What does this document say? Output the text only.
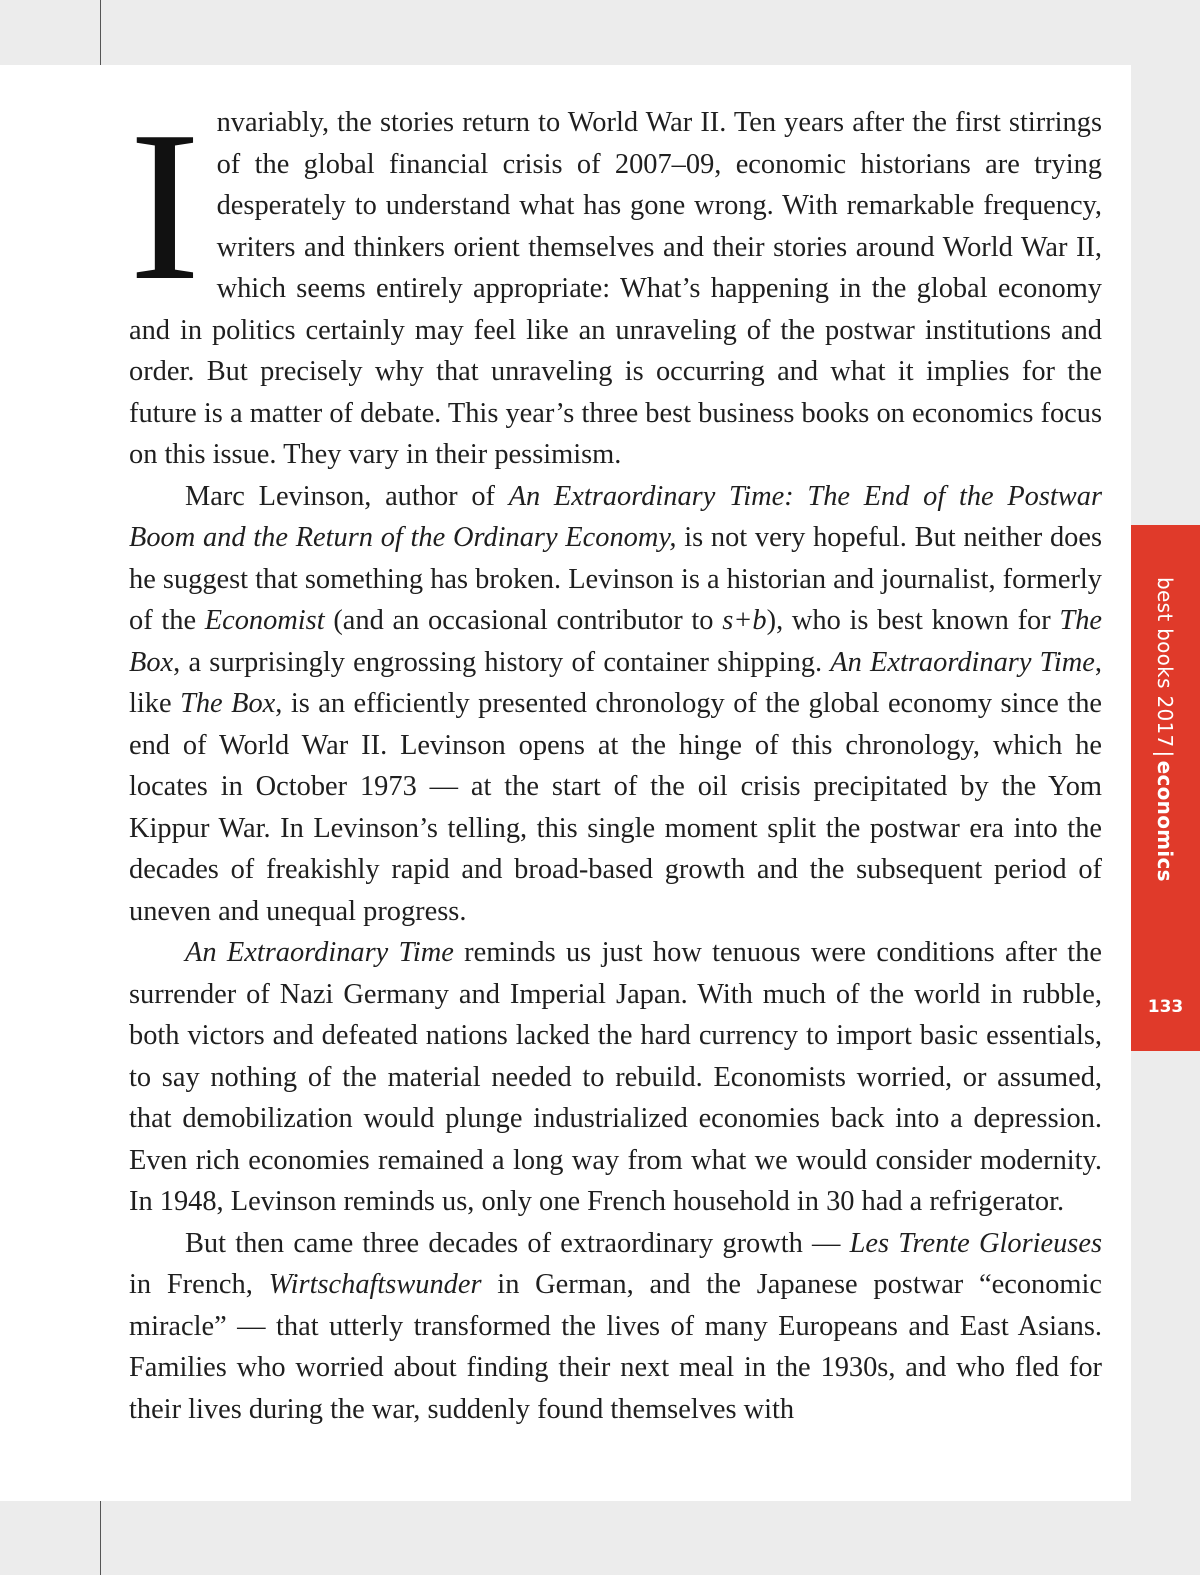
Invariably, the stories return to World War II. Ten years after the first stirrings of the global financial crisis of 2007–09, economic historians are trying desperately to understand what has gone wrong. With remarkable frequency, writers and thinkers orient themselves and their stories around World War II, which seems entirely appropriate: What’s happening in the global economy and in politics certainly may feel like an unraveling of the postwar institutions and order. But precisely why that unraveling is occurring and what it implies for the future is a matter of debate. This year’s three best business books on economics focus on this issue. They vary in their pessimism.

Marc Levinson, author of An Extraordinary Time: The End of the Postwar Boom and the Return of the Ordinary Economy, is not very hopeful. But neither does he suggest that something has broken. Levinson is a historian and journalist, formerly of the Economist (and an occasional contributor to s+b), who is best known for The Box, a surprisingly engrossing history of container shipping. An Extraordinary Time, like The Box, is an efficiently presented chronology of the global economy since the end of World War II. Levinson opens at the hinge of this chronology, which he locates in October 1973 — at the start of the oil crisis precipitated by the Yom Kippur War. In Levinson’s telling, this single moment split the postwar era into the decades of freakishly rapid and broad-based growth and the subsequent period of uneven and unequal progress.

An Extraordinary Time reminds us just how tenuous were conditions after the surrender of Nazi Germany and Imperial Japan. With much of the world in rubble, both victors and defeated nations lacked the hard currency to import basic essentials, to say nothing of the material needed to rebuild. Economists worried, or assumed, that demobilization would plunge industrialized economies back into a depression. Even rich economies remained a long way from what we would consider modernity. In 1948, Levinson reminds us, only one French household in 30 had a refrigerator.

But then came three decades of extraordinary growth — Les Trente Glorieuses in French, Wirtschaftswunder in German, and the Japanese postwar “economic miracle” — that utterly transformed the lives of many Europeans and East Asians. Families who worried about finding their next meal in the 1930s, and who fled for their lives during the war, suddenly found themselves with

best books 2017|economics
133
